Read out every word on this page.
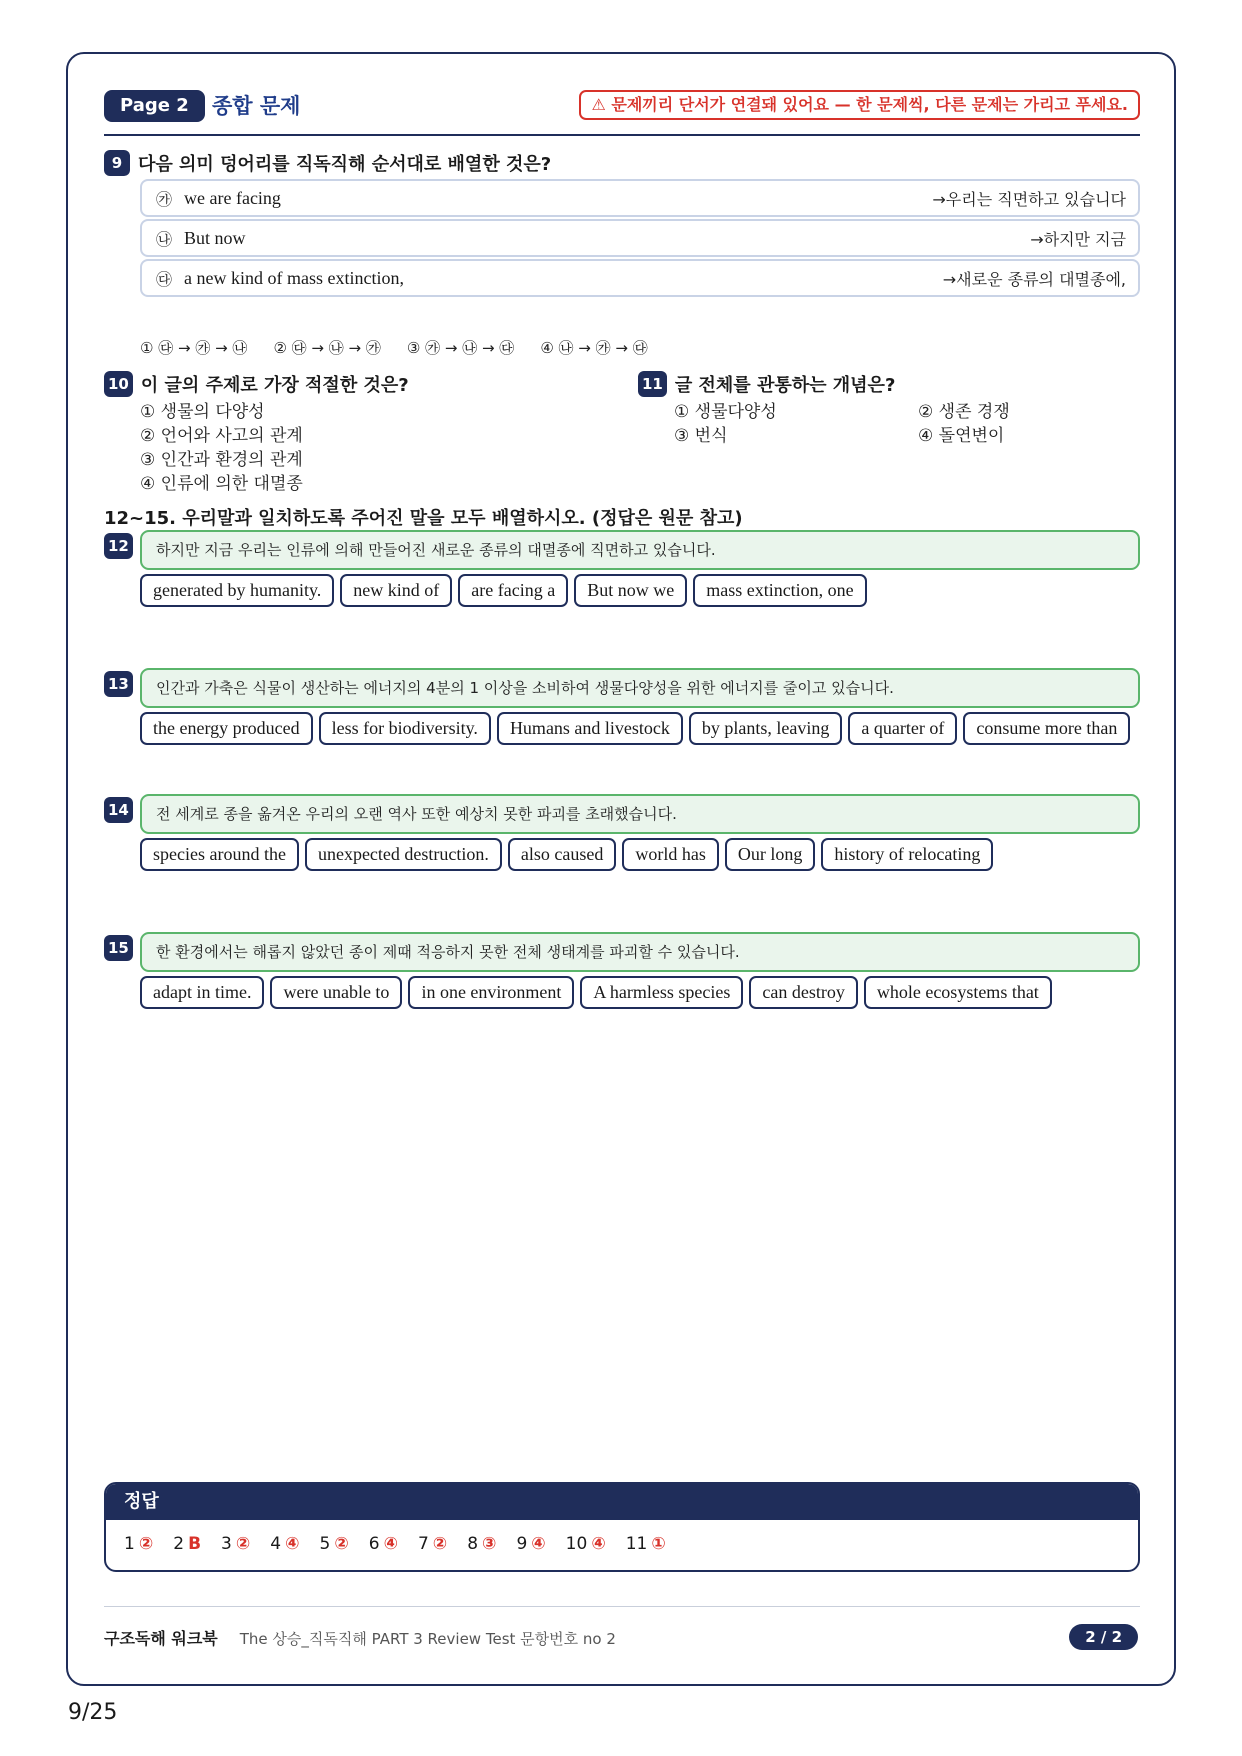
Page 2	종합 문제	⚠ 문제끼리 단서가 연결돼 있어요 — 한 문제씩, 다른 문제는 가리고 푸세요.
9 다음 의미 덩어리를 직독직해 순서대로 배열한 것은?
㉮ we are facing	→우리는 직면하고 있습니다
㉯ But now	→하지만 지금
㉰ a new kind of mass extinction,	→새로운 종류의 대멸종에,
① ㉰ → ㉮ → ㉯ ② ㉰ → ㉯ → ㉮ ③ ㉮ → ㉯ → ㉰ ④ ㉯ → ㉮ → ㉰
10 이 글의 주제로 가장 적절한 것은?
① 생물의 다양성
② 언어와 사고의 관계
③ 인간과 환경의 관계
④ 인류에 의한 대멸종
11 글 전체를 관통하는 개념은?
① 생물다양성	② 생존 경쟁
③ 번식	④ 돌연변이
12~15. 우리말과 일치하도록 주어진 말을 모두 배열하시오. (정답은 원문 참고)
12	하지만 지금 우리는 인류에 의해 만들어진 새로운 종류의 대멸종에 직면하고 있습니다.
generated by humanity.	new kind of	are facing a	But now we	mass extinction, one
13	인간과 가축은 식물이 생산하는 에너지의 4분의 1 이상을 소비하여 생물다양성을 위한 에너지를 줄이고 있습니다.
the energy produced	less for biodiversity.	Humans and livestock	by plants, leaving	a quarter of	consume more than
14	전 세계로 종을 옮겨온 우리의 오랜 역사 또한 예상치 못한 파괴를 초래했습니다.
species around the	unexpected destruction.	also caused	world has	Our long	history of relocating
15	한 환경에서는 해롭지 않았던 종이 제때 적응하지 못한 전체 생태계를 파괴할 수 있습니다.
adapt in time.	were unable to	in one environment	A harmless species	can destroy	whole ecosystems that
정답
1 ② 2 B 3 ② 4 ④ 5 ② 6 ④ 7 ② 8 ③ 9 ④ 10 ④ 11 ①
구조독해 워크북 The 상승_직독직해 PART 3 Review Test 문항번호 no 2	2 / 2
9/25
